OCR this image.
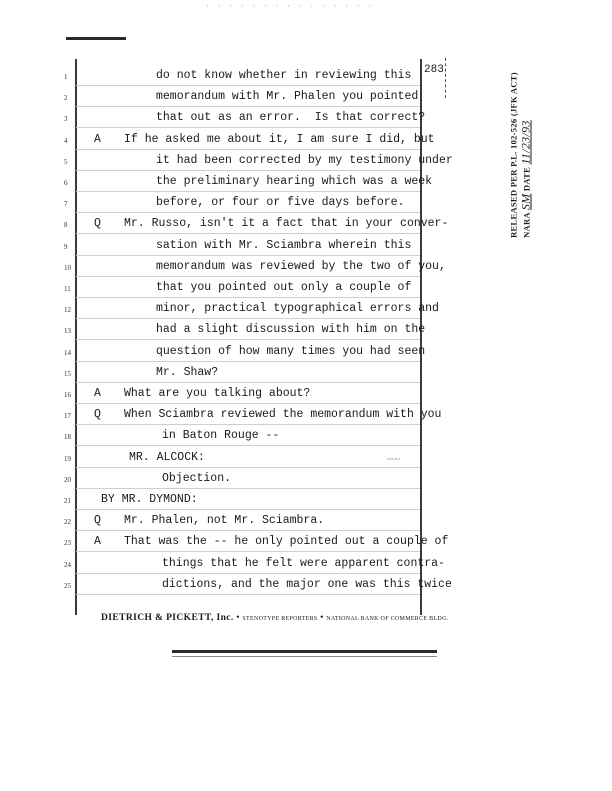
· · · · · · · · · · · · · · ·
283
1	do not know whether in reviewing this
2	memorandum with Mr. Phalen you pointed
3	that out as an error.  Is that correct?
4	A If he asked me about it, I am sure I did, but
5	it had been corrected by my testimony under
6	the preliminary hearing which was a week
7	before, or four or five days before.
8	Q Mr. Russo, isn't it a fact that in your conver-
9	sation with Mr. Sciambra wherein this
10	memorandum was reviewed by the two of you,
11	that you pointed out only a couple of
12	minor, practical typographical errors and
13	had a slight discussion with him on the
14	question of how many times you had seen
15	Mr. Shaw?
16	A What are you talking about?
17	Q When Sciambra reviewed the memorandum with you
18	in Baton Rouge --
19	MR. ALCOCK:
20	Objection.
21	BY MR. DYMOND:
22	Q Mr. Phalen, not Mr. Sciambra.
23	A That was the -- he only pointed out a couple of
24	things that he felt were apparent contra-
25	dictions, and the major one was this twice
~~~·
DIETRICH & PICKETT, Inc. • STENOTYPE REPORTERS • NATIONAL BANK OF COMMERCE BLDG.
RELEASED PER P.L. 102-526 (JFK ACT) NARA SM DATE 11/23/93
